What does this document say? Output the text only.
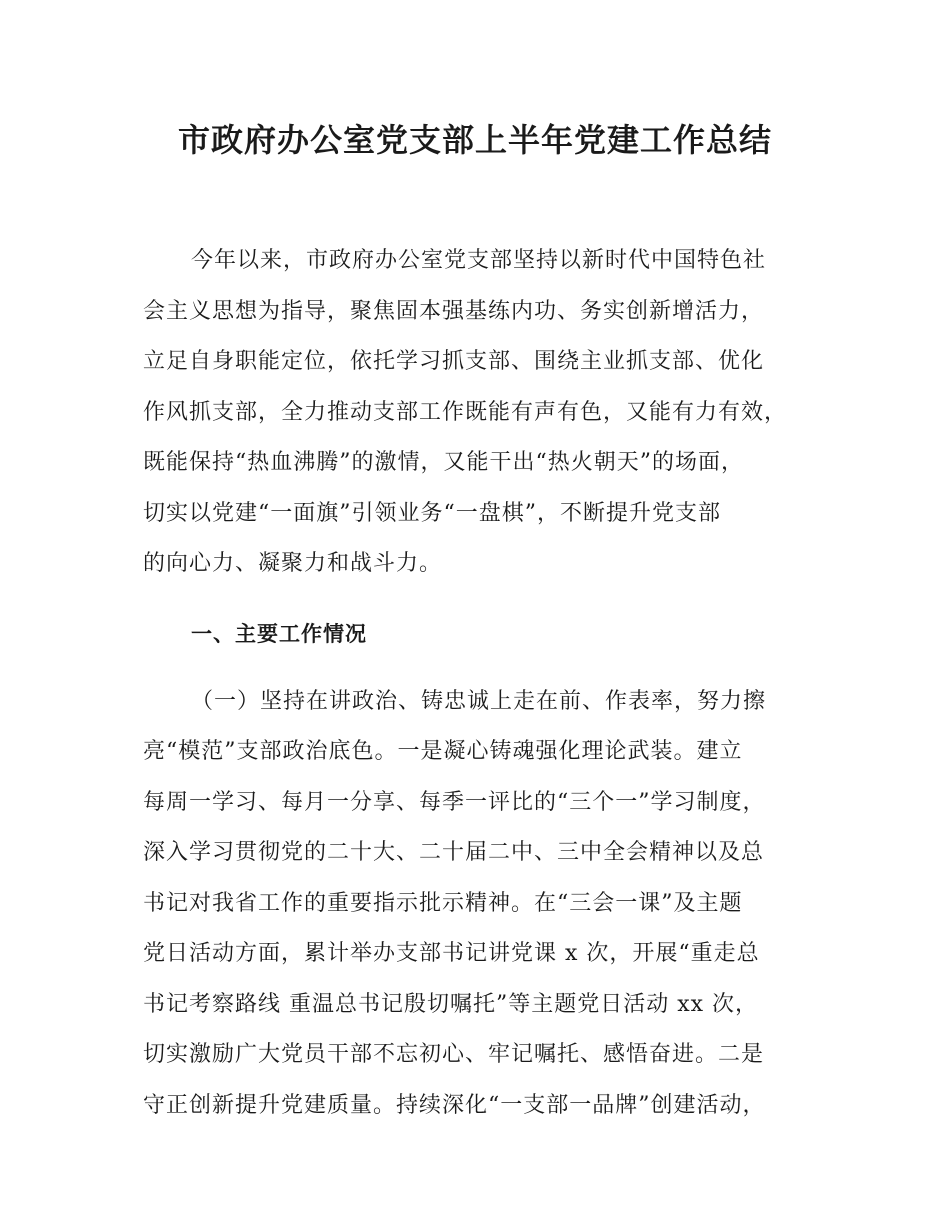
市政府办公室党支部上半年党建工作总结

今年以来，市政府办公室党支部坚持以新时代中国特色社

会主义思想为指导，聚焦固本强基练内功、务实创新增活力，

立足自身职能定位，依托学习抓支部、围绕主业抓支部、优化

作风抓支部，全力推动支部工作既能有声有色，又能有力有效，

既能保持“热血沸腾”的激情，又能干出“热火朝天”的场面，

切实以党建“一面旗”引领业务“一盘棋”，不断提升党支部

的向心力、凝聚力和战斗力。

一、主要工作情况

（一）坚持在讲政治、铸忠诚上走在前、作表率，努力擦

亮“模范”支部政治底色。一是凝心铸魂强化理论武装。建立

每周一学习、每月一分享、每季一评比的“三个一”学习制度，

深入学习贯彻党的二十大、二十届二中、三中全会精神以及总

书记对我省工作的重要指示批示精神。在“三会一课”及主题

党日活动方面，累计举办支部书记讲党课 x 次，开展“重走总

书记考察路线 重温总书记殷切嘱托”等主题党日活动 xx 次，

切实激励广大党员干部不忘初心、牢记嘱托、感悟奋进。二是

守正创新提升党建质量。持续深化“一支部一品牌”创建活动，
